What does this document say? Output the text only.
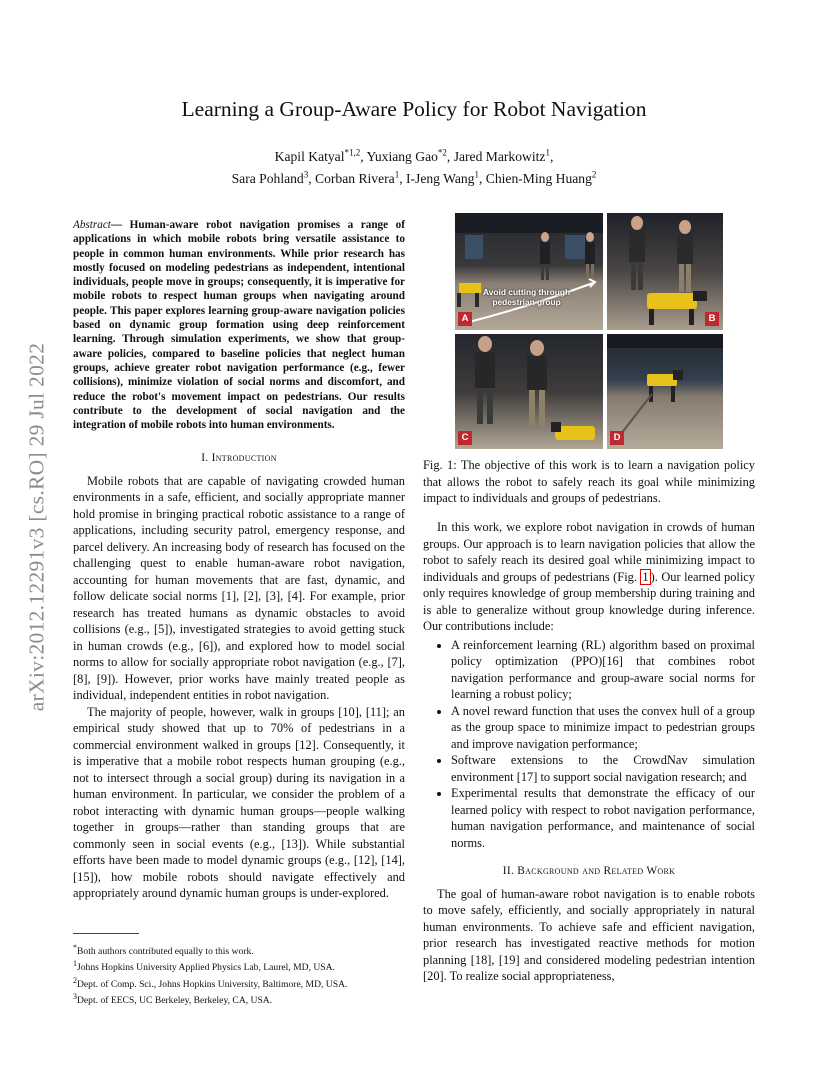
arXiv:2012.12291v3 [cs.RO] 29 Jul 2022
Learning a Group-Aware Policy for Robot Navigation
Kapil Katyal$^{*1,2}$, Yuxiang Gao$^{*2}$, Jared Markowitz$^1$,
Sara Pohland$^3$, Corban Rivera$^1$, I-Jeng Wang$^1$, Chien-Ming Huang$^2$
Abstract— Human-aware robot navigation promises a range of applications in which mobile robots bring versatile assistance to people in common human environments. While prior research has mostly focused on modeling pedestrians as independent, intentional individuals, people move in groups; consequently, it is imperative for mobile robots to respect human groups when navigating around people. This paper explores learning group-aware navigation policies based on dynamic group formation using deep reinforcement learning. Through simulation experiments, we show that group-aware policies, compared to baseline policies that neglect human groups, achieve greater robot navigation performance (e.g., fewer collisions), minimize violation of social norms and discomfort, and reduce the robot's movement impact on pedestrians. Our results contribute to the development of social navigation and the integration of mobile robots into human environments.
I. Introduction

Mobile robots that are capable of navigating crowded human environments in a safe, efficient, and socially appropriate manner hold promise in bringing practical robotic assistance to a range of applications, including security patrol, emergency response, and parcel delivery. An increasing body of research has focused on the challenging quest to enable human-aware robot navigation, accounting for human movements that are fast, dynamic, and follow delicate social norms [1], [2], [3], [4]. For example, prior research has treated humans as dynamic obstacles to avoid collisions (e.g., [5]), investigated strategies to avoid getting stuck in human crowds (e.g., [6]), and explored how to model social norms to allow for socially appropriate robot navigation (e.g., [7], [8], [9]). However, prior works have mainly treated people as individual, independent entities in robot navigation.

The majority of people, however, walk in groups [10], [11]; an empirical study showed that up to 70% of pedestrians in a commercial environment walked in groups [12]. Consequently, it is imperative that a mobile robot respects human grouping (e.g., not to intersect through a social group) during its navigation in a human environment. In particular, we consider the problem of a robot interacting with dynamic human groups—people walking together in groups—rather than standing groups that are commonly seen in social events (e.g., [13]). While substantial efforts have been made to model dynamic groups (e.g., [12], [14], [15]), how mobile robots should navigate effectively and appropriately around dynamic human groups is under-explored.

*Both authors contributed equally to this work.
$^1$Johns Hopkins University Applied Physics Lab, Laurel, MD, USA.
$^2$Dept. of Comp. Sci., Johns Hopkins University, Baltimore, MD, USA.
$^3$Dept. of EECS, UC Berkeley, Berkeley, CA, USA.
Avoid cutting through
pedestrian group
A	B
C	D
Fig. 1: The objective of this work is to learn a navigation policy that allows the robot to safely reach its goal while minimizing impact to individuals and groups of pedestrians.

In this work, we explore robot navigation in crowds of human groups. Our approach is to learn navigation policies that allow the robot to safely reach its desired goal while minimizing impact to individuals and groups of pedestrians (Fig. 1 ). Our learned policy only requires knowledge of group membership during training and is able to generalize without group knowledge during inference. Our contributions include:

• A reinforcement learning (RL) algorithm based on proximal policy optimization (PPO)[16] that combines robot navigation performance and group-aware social norms for learning a robust policy;
• A novel reward function that uses the convex hull of a group as the group space to minimize impact to pedestrian groups and improve navigation performance;
• Software extensions to the CrowdNav simulation environment [17] to support social navigation research; and
• Experimental results that demonstrate the efficacy of our learned policy with respect to robot navigation performance, human navigation performance, and maintenance of social norms.
II. Background and Related Work

The goal of human-aware robot navigation is to enable robots to move safely, efficiently, and socially appropriately in natural human environments. To achieve safe and efficient navigation, prior research has investigated reactive methods for motion planning [18], [19] and considered modeling pedestrian intention [20]. To realize social appropriateness,
